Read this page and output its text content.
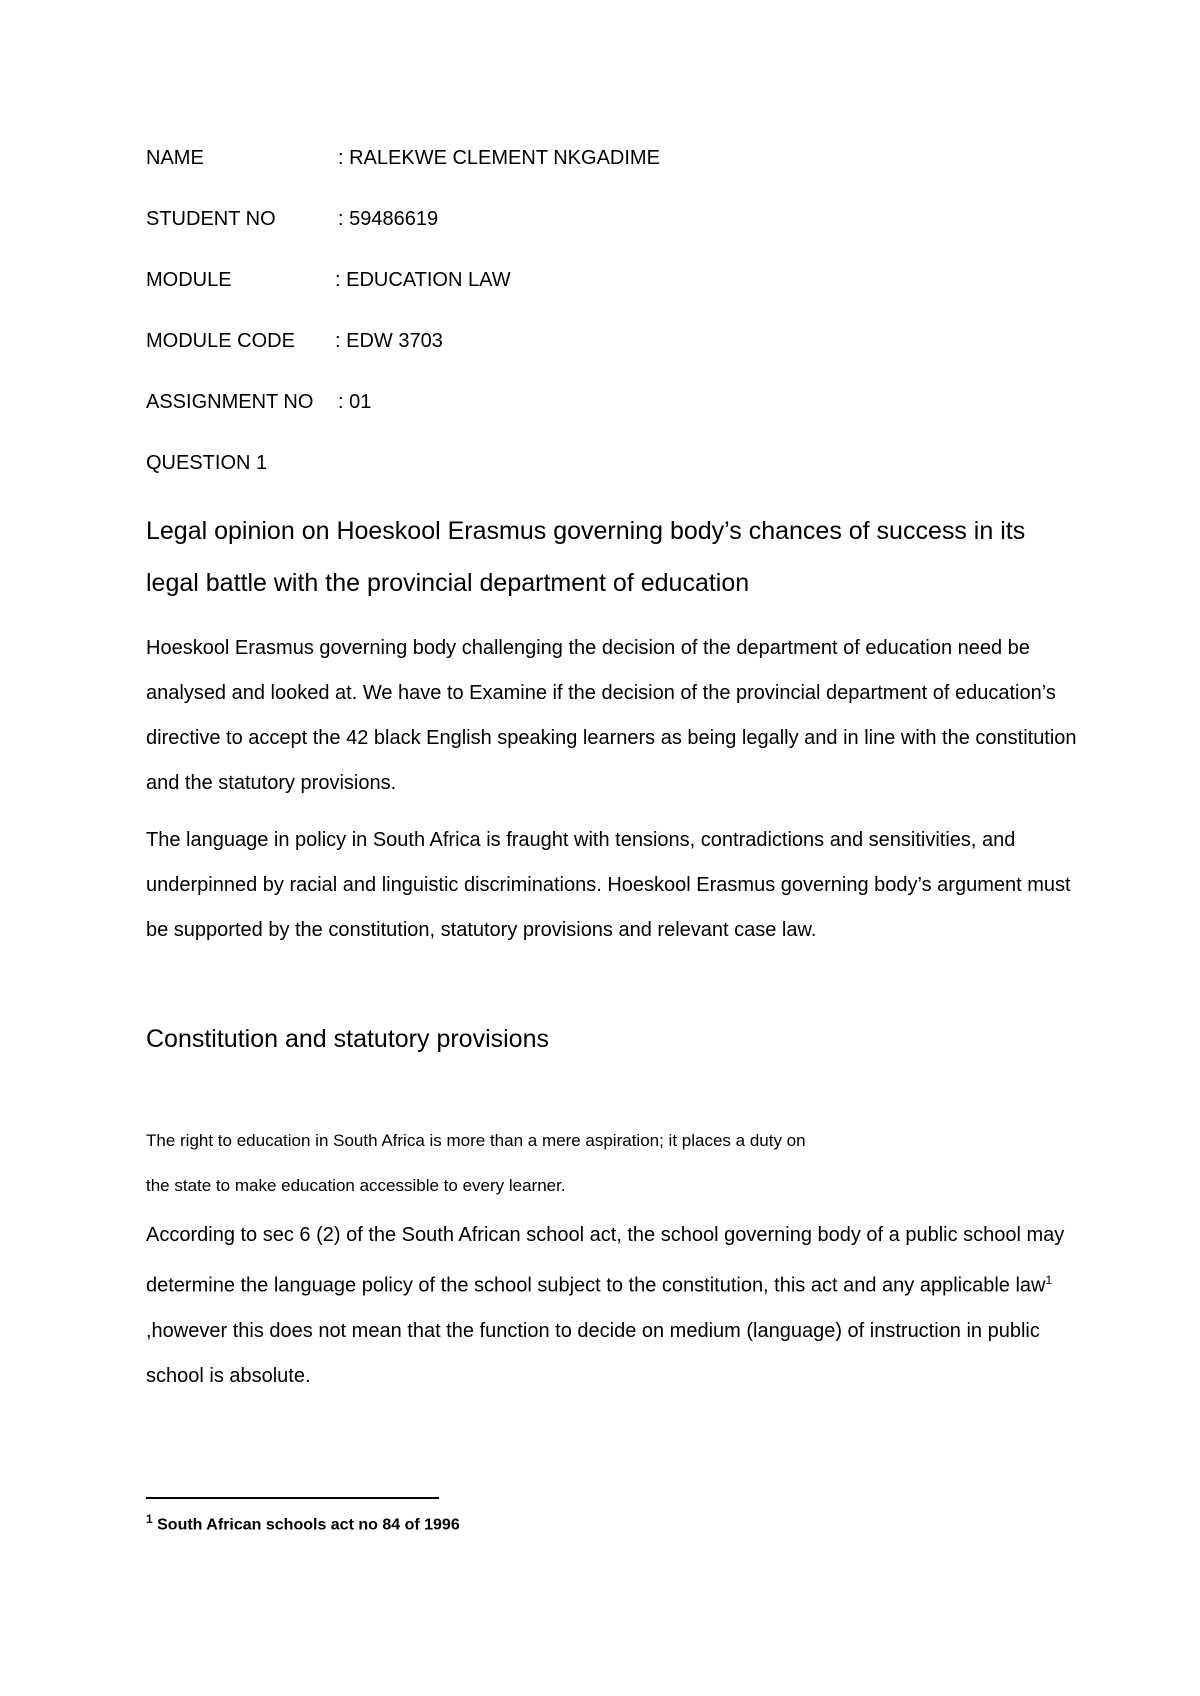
NAME	: RALEKWE CLEMENT NKGADIME
STUDENT NO	: 59486619
MODULE	: EDUCATION LAW
MODULE CODE : EDW 3703
ASSIGNMENT NO : 01
QUESTION 1
Legal opinion on Hoeskool Erasmus governing body’s chances of success in its
legal battle with the provincial department of education
Hoeskool Erasmus governing body challenging the decision of the department of education need be analysed and looked at. We have to Examine if the decision of the provincial department of education’s directive to accept the 42 black English speaking learners as being legally and in line with the constitution and the statutory provisions.
The language in policy in South Africa is fraught with tensions, contradictions and sensitivities, and underpinned by racial and linguistic discriminations. Hoeskool Erasmus governing body’s argument must be supported by the constitution, statutory provisions and relevant case law.
Constitution and statutory provisions
The right to education in South Africa is more than a mere aspiration; it places a duty on
the state to make education accessible to every learner.
According to sec 6 (2) of the South African school act, the school governing body of a public school may determine the language policy of the school subject to the constitution, this act and any applicable law$^1$ ,however this does not mean that the function to decide on medium (language) of instruction in public school is absolute.
$^1$ South African schools act no 84 of 1996
